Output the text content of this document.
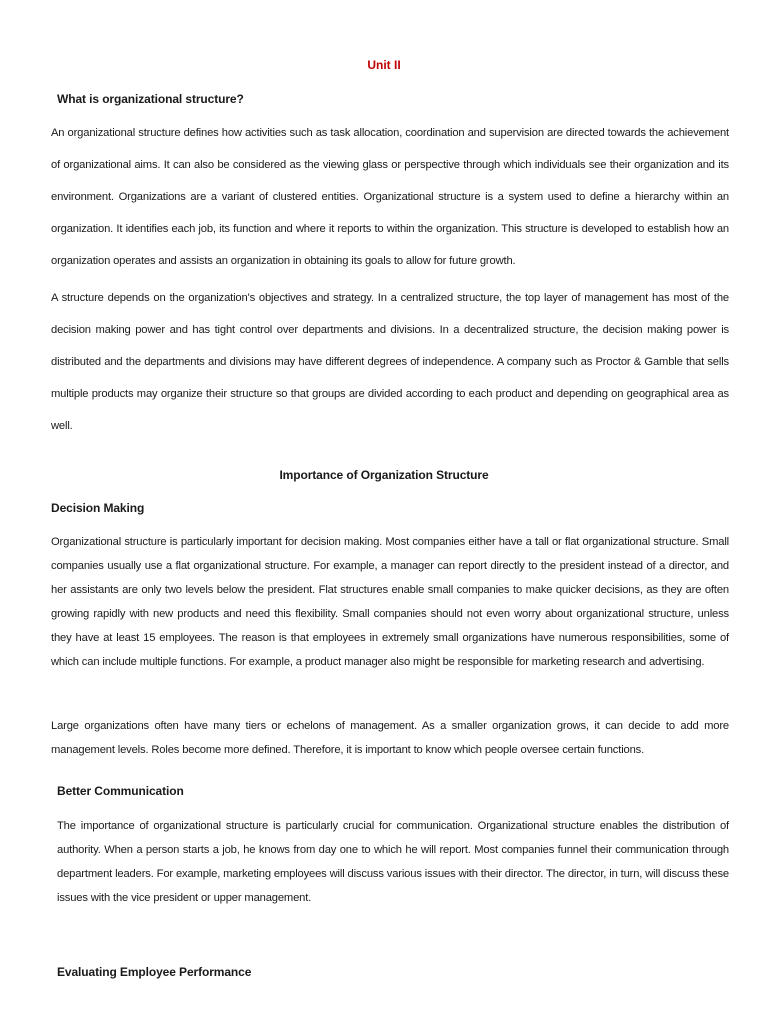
Unit II
What is organizational structure?

An organizational structure defines how activities such as task allocation, coordination and supervision are directed towards the achievement of organizational aims. It can also be considered as the viewing glass or perspective through which individuals see their organization and its environment. Organizations are a variant of clustered entities. Organizational structure is a system used to define a hierarchy within an organization. It identifies each job, its function and where it reports to within the organization. This structure is developed to establish how an organization operates and assists an organization in obtaining its goals to allow for future growth.

A structure depends on the organization's objectives and strategy. In a centralized structure, the top layer of management has most of the decision making power and has tight control over departments and divisions. In a decentralized structure, the decision making power is distributed and the departments and divisions may have different degrees of independence. A company such as Proctor & Gamble that sells multiple products may organize their structure so that groups are divided according to each product and depending on geographical area as well.

Importance of Organization Structure
Decision Making

Organizational structure is particularly important for decision making. Most companies either have a tall or flat organizational structure. Small companies usually use a flat organizational structure. For example, a manager can report directly to the president instead of a director, and her assistants are only two levels below the president. Flat structures enable small companies to make quicker decisions, as they are often growing rapidly with new products and need this flexibility. Small companies should not even worry about organizational structure, unless they have at least 15 employees. The reason is that employees in extremely small organizations have numerous responsibilities, some of which can include multiple functions. For example, a product manager also might be responsible for marketing research and advertising.

Large organizations often have many tiers or echelons of management. As a smaller organization grows, it can decide to add more management levels. Roles become more defined. Therefore, it is important to know which people oversee certain functions.

Better Communication

The importance of organizational structure is particularly crucial for communication. Organizational structure enables the distribution of authority. When a person starts a job, he knows from day one to which he will report. Most companies funnel their communication through department leaders. For example, marketing employees will discuss various issues with their director. The director, in turn, will discuss these issues with the vice president or upper management.

Evaluating Employee Performance
